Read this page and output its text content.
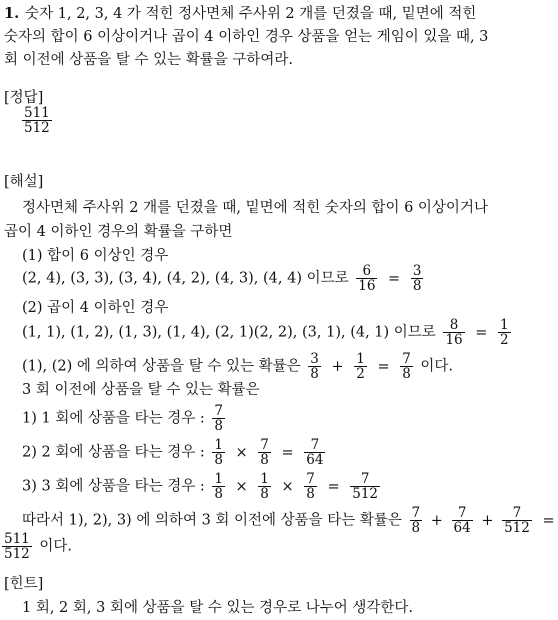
1. 숫자 1, 2, 3, 4 가 적힌 정사면체 주사위 2 개를 던졌을 때, 밑면에 적힌
숫자의 합이 6 이상이거나 곱이 4 이하인 경우 상품을 얻는 게임이 있을 때, 3
회 이전에 상품을 탈 수 있는 확률을 구하여라.
[정답]
$\frac{511}{512}$
[해설]
정사면체 주사위 2 개를 던졌을 때, 밑면에 적힌 숫자의 합이 6 이상이거나
곱이 4 이하인 경우의 확률을 구하면
(1) 합이 6 이상인 경우
(2, 4), (3, 3), (3, 4), (4, 2), (4, 3), (4, 4) 이므로 $\frac{6}{16} = \frac{3}{8}$
(2) 곱이 4 이하인 경우
(1, 1), (1, 2), (1, 3), (1, 4), (2, 1)(2, 2), (3, 1), (4, 1) 이므로 $\frac{8}{16} = \frac{1}{2}$
(1), (2) 에 의하여 상품을 탈 수 있는 확률은 $\frac{3}{8} + \frac{1}{2} = \frac{7}{8}$ 이다.
3 회 이전에 상품을 탈 수 있는 확률은
1) 1 회에 상품을 타는 경우 : $\frac{7}{8}$
2) 2 회에 상품을 타는 경우 : $\frac{1}{8} \times \frac{7}{8} = \frac{7}{64}$
3) 3 회에 상품을 타는 경우 : $\frac{1}{8} \times \frac{1}{8} \times \frac{7}{8} = \frac{7}{512}$
따라서 1), 2), 3) 에 의하여 3 회 이전에 상품을 타는 확률은 $\frac{7}{8} + \frac{7}{64} + \frac{7}{512}$ =
$\frac{511}{512}$ 이다.
[힌트]
1 회, 2 회, 3 회에 상품을 탈 수 있는 경우로 나누어 생각한다.
